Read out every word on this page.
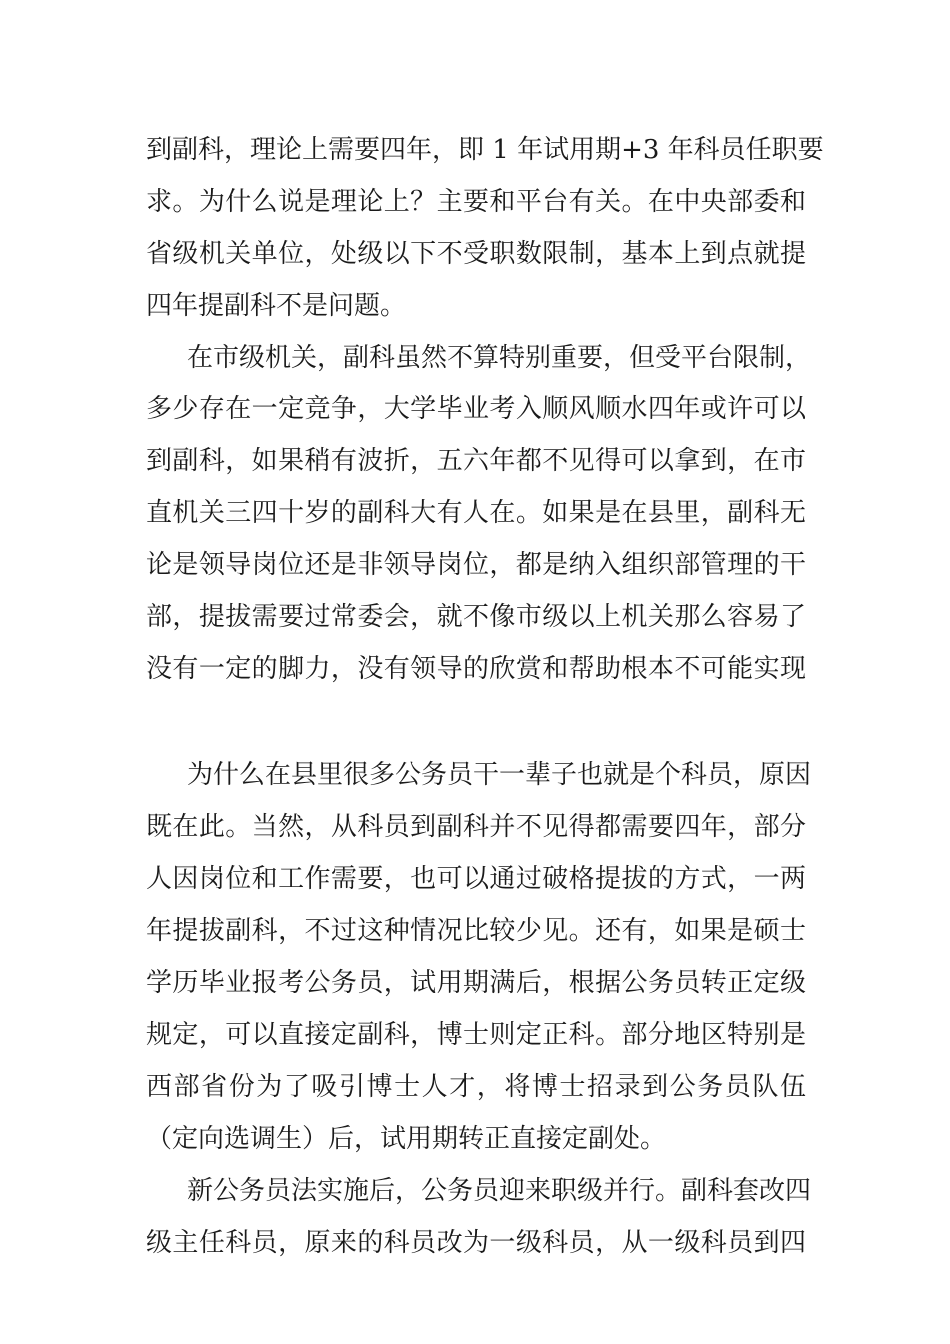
到副科，理论上需要四年，即 1 年试用期+3 年科员任职要
求。为什么说是理论上？主要和平台有关。在中央部委和
省级机关单位，处级以下不受职数限制，基本上到点就提
四年提副科不是问题。
在市级机关，副科虽然不算特别重要，但受平台限制，
多少存在一定竞争，大学毕业考入顺风顺水四年或许可以
到副科，如果稍有波折，五六年都不见得可以拿到，在市
直机关三四十岁的副科大有人在。如果是在县里，副科无
论是领导岗位还是非领导岗位，都是纳入组织部管理的干
部，提拔需要过常委会，就不像市级以上机关那么容易了
没有一定的脚力，没有领导的欣赏和帮助根本不可能实现
为什么在县里很多公务员干一辈子也就是个科员，原因
既在此。当然，从科员到副科并不见得都需要四年，部分
人因岗位和工作需要，也可以通过破格提拔的方式，一两
年提拔副科，不过这种情况比较少见。还有，如果是硕士
学历毕业报考公务员，试用期满后，根据公务员转正定级
规定，可以直接定副科，博士则定正科。部分地区特别是
西部省份为了吸引博士人才，将博士招录到公务员队伍
（定向选调生）后，试用期转正直接定副处。
新公务员法实施后，公务员迎来职级并行。副科套改四
级主任科员，原来的科员改为一级科员，从一级科员到四
